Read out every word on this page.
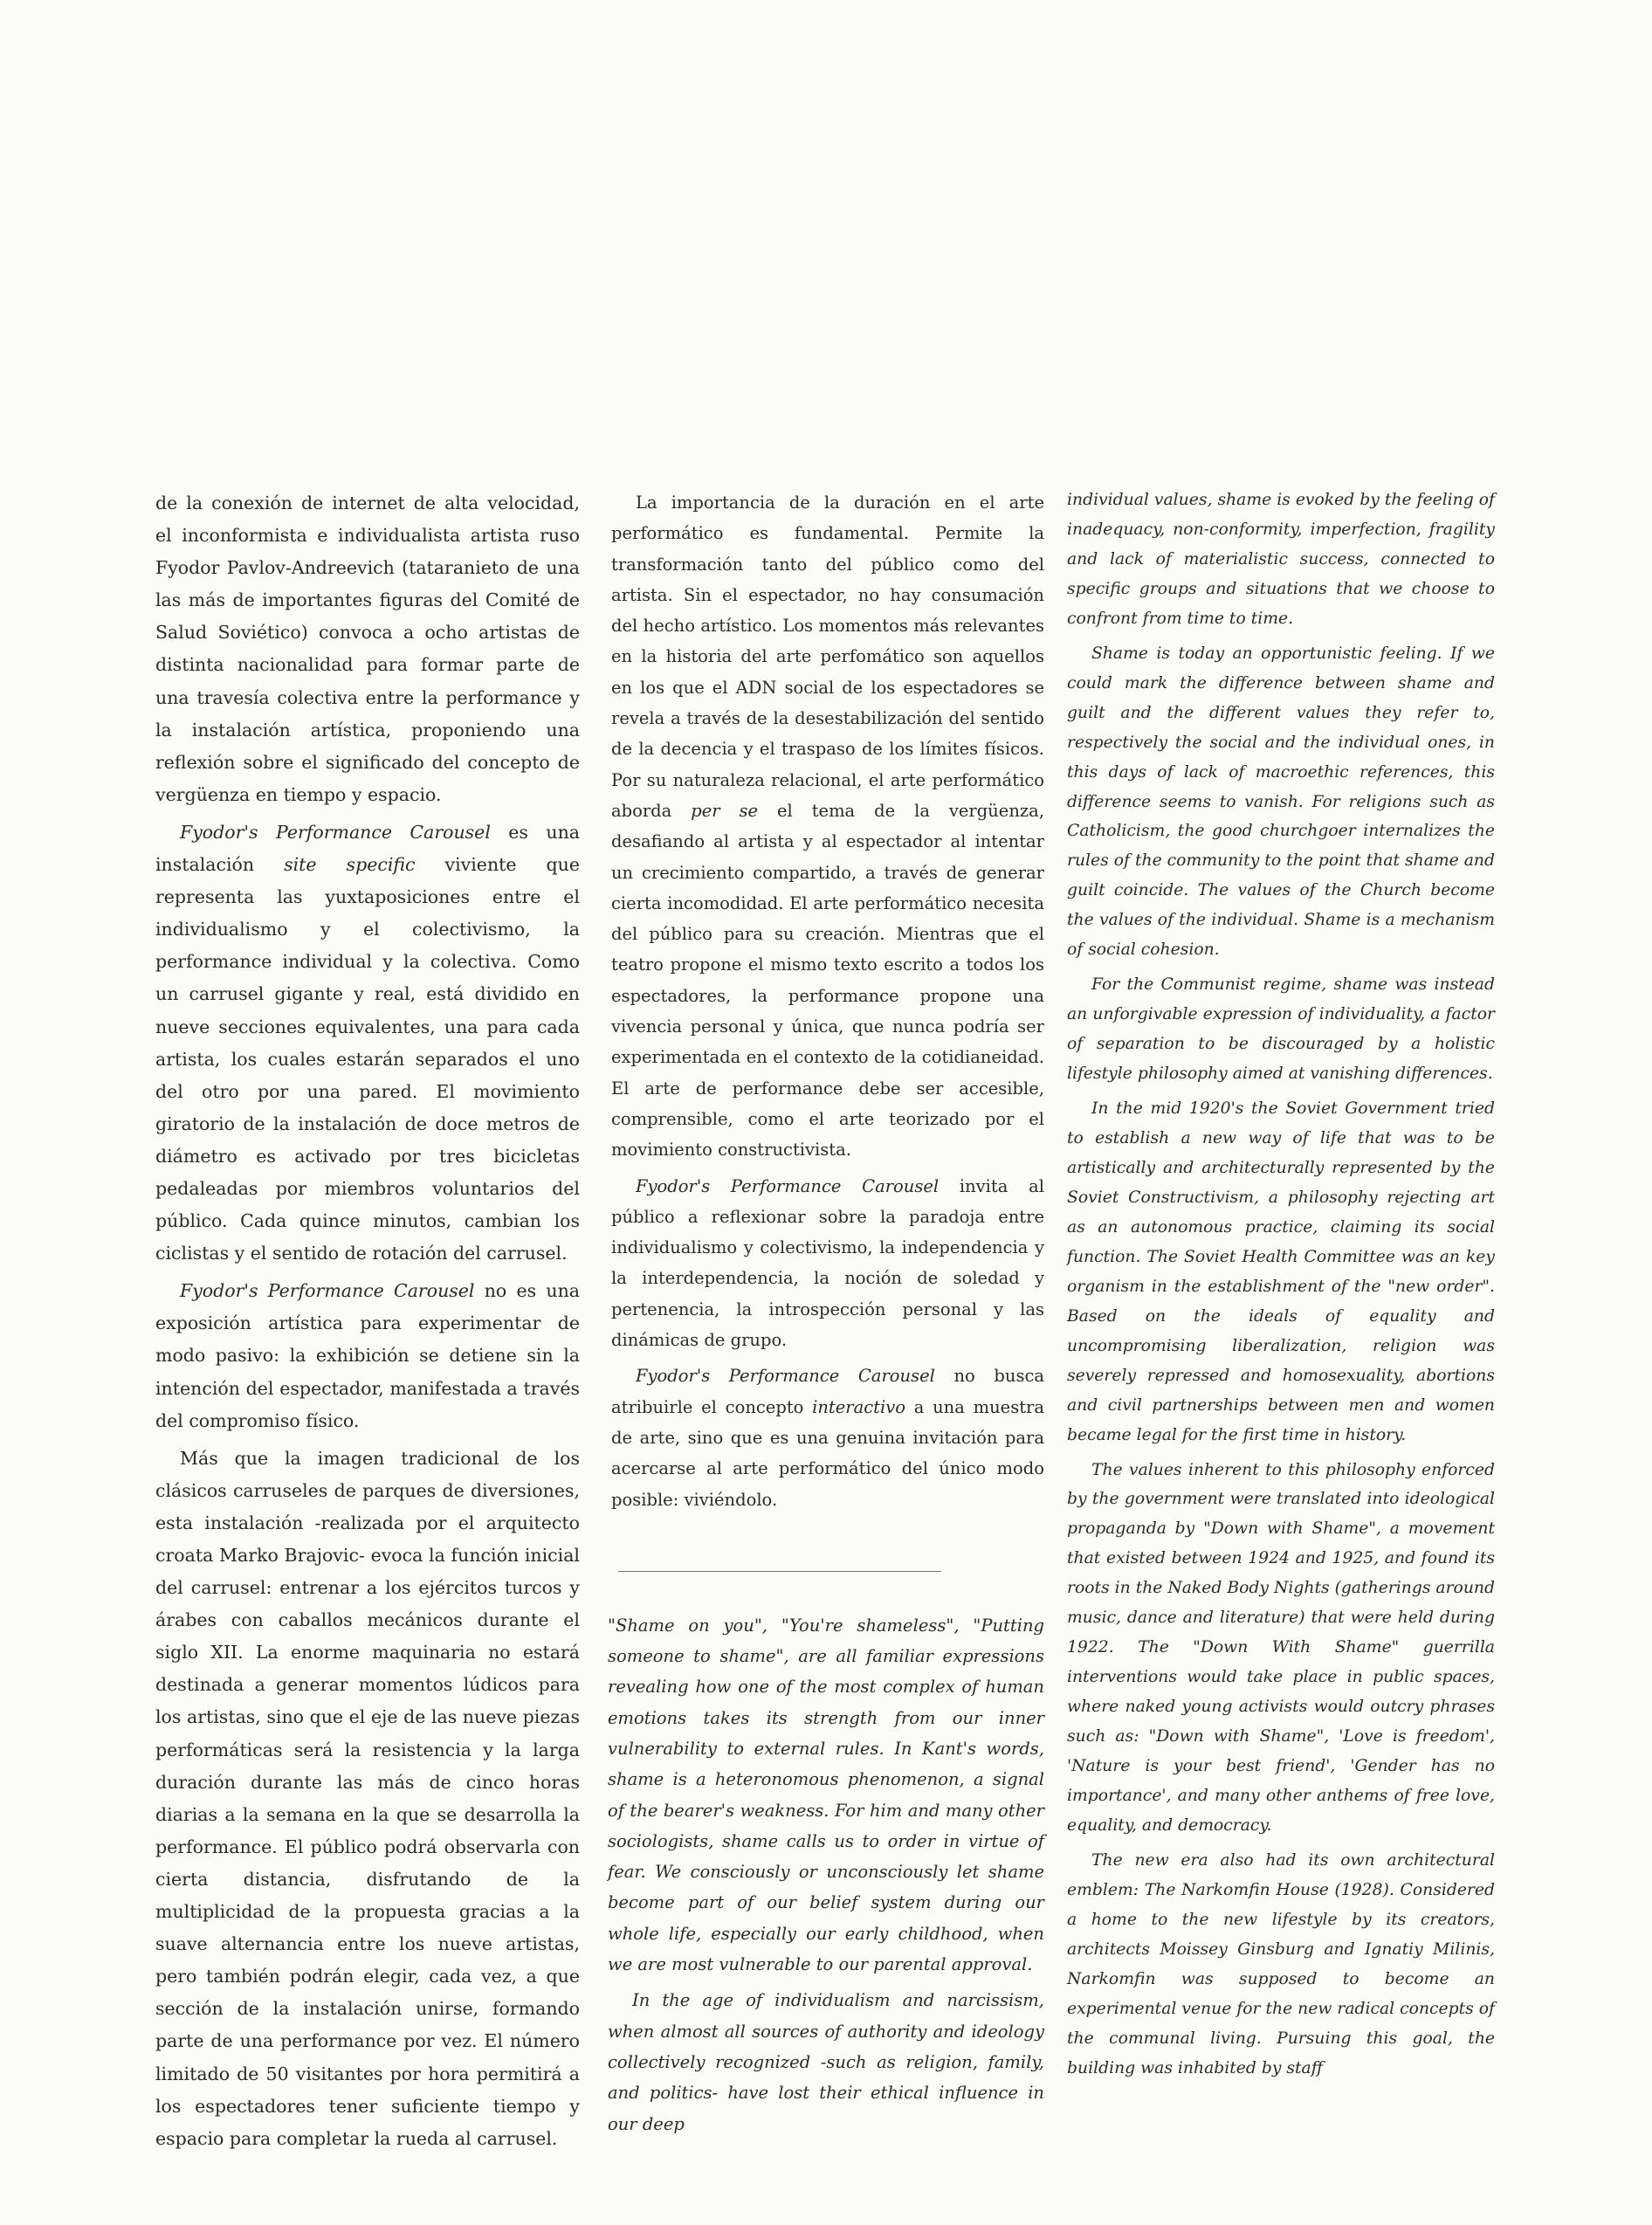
de la conexión de internet de alta velocidad, el inconformista e individualista artista ruso Fyodor Pavlov-Andreevich (tataranieto de una las más de importantes figuras del Comité de Salud Soviético) convoca a ocho artistas de distinta nacionalidad para formar parte de una travesía colectiva entre la performance y la instalación artística, proponiendo una reflexión sobre el significado del concepto de vergüenza en tiempo y espacio.

Fyodor's Performance Carousel es una instalación site specific viviente que representa las yuxtaposiciones entre el individualismo y el colectivismo, la performance individual y la colectiva. Como un carrusel gigante y real, está dividido en nueve secciones equivalentes, una para cada artista, los cuales estarán separados el uno del otro por una pared. El movimiento giratorio de la instalación de doce metros de diámetro es activado por tres bicicletas pedaleadas por miembros voluntarios del público. Cada quince minutos, cambian los ciclistas y el sentido de rotación del carrusel.

Fyodor's Performance Carousel no es una exposición artística para experimentar de modo pasivo: la exhibición se detiene sin la intención del espectador, manifestada a través del compromiso físico.

Más que la imagen tradicional de los clásicos carruseles de parques de diversiones, esta instalación -realizada por el arquitecto croata Marko Brajovic- evoca la función inicial del carrusel: entrenar a los ejércitos turcos y árabes con caballos mecánicos durante el siglo XII. La enorme maquinaria no estará destinada a generar momentos lúdicos para los artistas, sino que el eje de las nueve piezas performáticas será la resistencia y la larga duración durante las más de cinco horas diarias a la semana en la que se desarrolla la performance. El público podrá observarla con cierta distancia, disfrutando de la multiplicidad de la propuesta gracias a la suave alternancia entre los nueve artistas, pero también podrán elegir, cada vez, a que sección de la instalación unirse, formando parte de una performance por vez. El número limitado de 50 visitantes por hora permitirá a los espectadores tener suficiente tiempo y espacio para completar la rueda al carrusel.

La importancia de la duración en el arte performático es fundamental. Permite la transformación tanto del público como del artista. Sin el espectador, no hay consumación del hecho artístico. Los momentos más relevantes en la historia del arte perfomático son aquellos en los que el ADN social de los espectadores se revela a través de la desestabilización del sentido de la decencia y el traspaso de los límites físicos. Por su naturaleza relacional, el arte performático aborda per se el tema de la vergüenza, desafiando al artista y al espectador al intentar un crecimiento compartido, a través de generar cierta incomodidad. El arte performático necesita del público para su creación. Mientras que el teatro propone el mismo texto escrito a todos los espectadores, la performance propone una vivencia personal y única, que nunca podría ser experimentada en el contexto de la cotidianeidad. El arte de performance debe ser accesible, comprensible, como el arte teorizado por el movimiento constructivista.

Fyodor's Performance Carousel invita al público a reflexionar sobre la paradoja entre individualismo y colectivismo, la independencia y la interdependencia, la noción de soledad y pertenencia, la introspección personal y las dinámicas de grupo.

Fyodor's Performance Carousel no busca atribuirle el concepto interactivo a una muestra de arte, sino que es una genuina invitación para acercarse al arte performático del único modo posible: viviéndolo.

"Shame on you", "You're shameless", "Putting someone to shame", are all familiar expressions revealing how one of the most complex of human emotions takes its strength from our inner vulnerability to external rules. In Kant's words, shame is a heteronomous phenomenon, a signal of the bearer's weakness. For him and many other sociologists, shame calls us to order in virtue of fear. We consciously or unconsciously let shame become part of our belief system during our whole life, especially our early childhood, when we are most vulnerable to our parental approval.

In the age of individualism and narcissism, when almost all sources of authority and ideology collectively recognized -such as religion, family, and politics- have lost their ethical influence in our deep

individual values, shame is evoked by the feeling of inadequacy, non-conformity, imperfection, fragility and lack of materialistic success, connected to specific groups and situations that we choose to confront from time to time.

Shame is today an opportunistic feeling. If we could mark the difference between shame and guilt and the different values they refer to, respectively the social and the individual ones, in this days of lack of macroethic references, this difference seems to vanish. For religions such as Catholicism, the good churchgoer internalizes the rules of the community to the point that shame and guilt coincide. The values of the Church become the values of the individual. Shame is a mechanism of social cohesion.

For the Communist regime, shame was instead an unforgivable expression of individuality, a factor of separation to be discouraged by a holistic lifestyle philosophy aimed at vanishing differences.

In the mid 1920's the Soviet Government tried to establish a new way of life that was to be artistically and architecturally represented by the Soviet Constructivism, a philosophy rejecting art as an autonomous practice, claiming its social function. The Soviet Health Committee was an key organism in the establishment of the "new order". Based on the ideals of equality and uncompromising liberalization, religion was severely repressed and homosexuality, abortions and civil partnerships between men and women became legal for the first time in history.

The values inherent to this philosophy enforced by the government were translated into ideological propaganda by "Down with Shame", a movement that existed between 1924 and 1925, and found its roots in the Naked Body Nights (gatherings around music, dance and literature) that were held during 1922. The "Down With Shame" guerrilla interventions would take place in public spaces, where naked young activists would outcry phrases such as: "Down with Shame", 'Love is freedom', 'Nature is your best friend', 'Gender has no importance', and many other anthems of free love, equality, and democracy.

The new era also had its own architectural emblem: The Narkomfin House (1928). Considered a home to the new lifestyle by its creators, architects Moissey Ginsburg and Ignatiy Milinis, Narkomfin was supposed to become an experimental venue for the new radical concepts of the communal living. Pursuing this goal, the building was inhabited by staff
